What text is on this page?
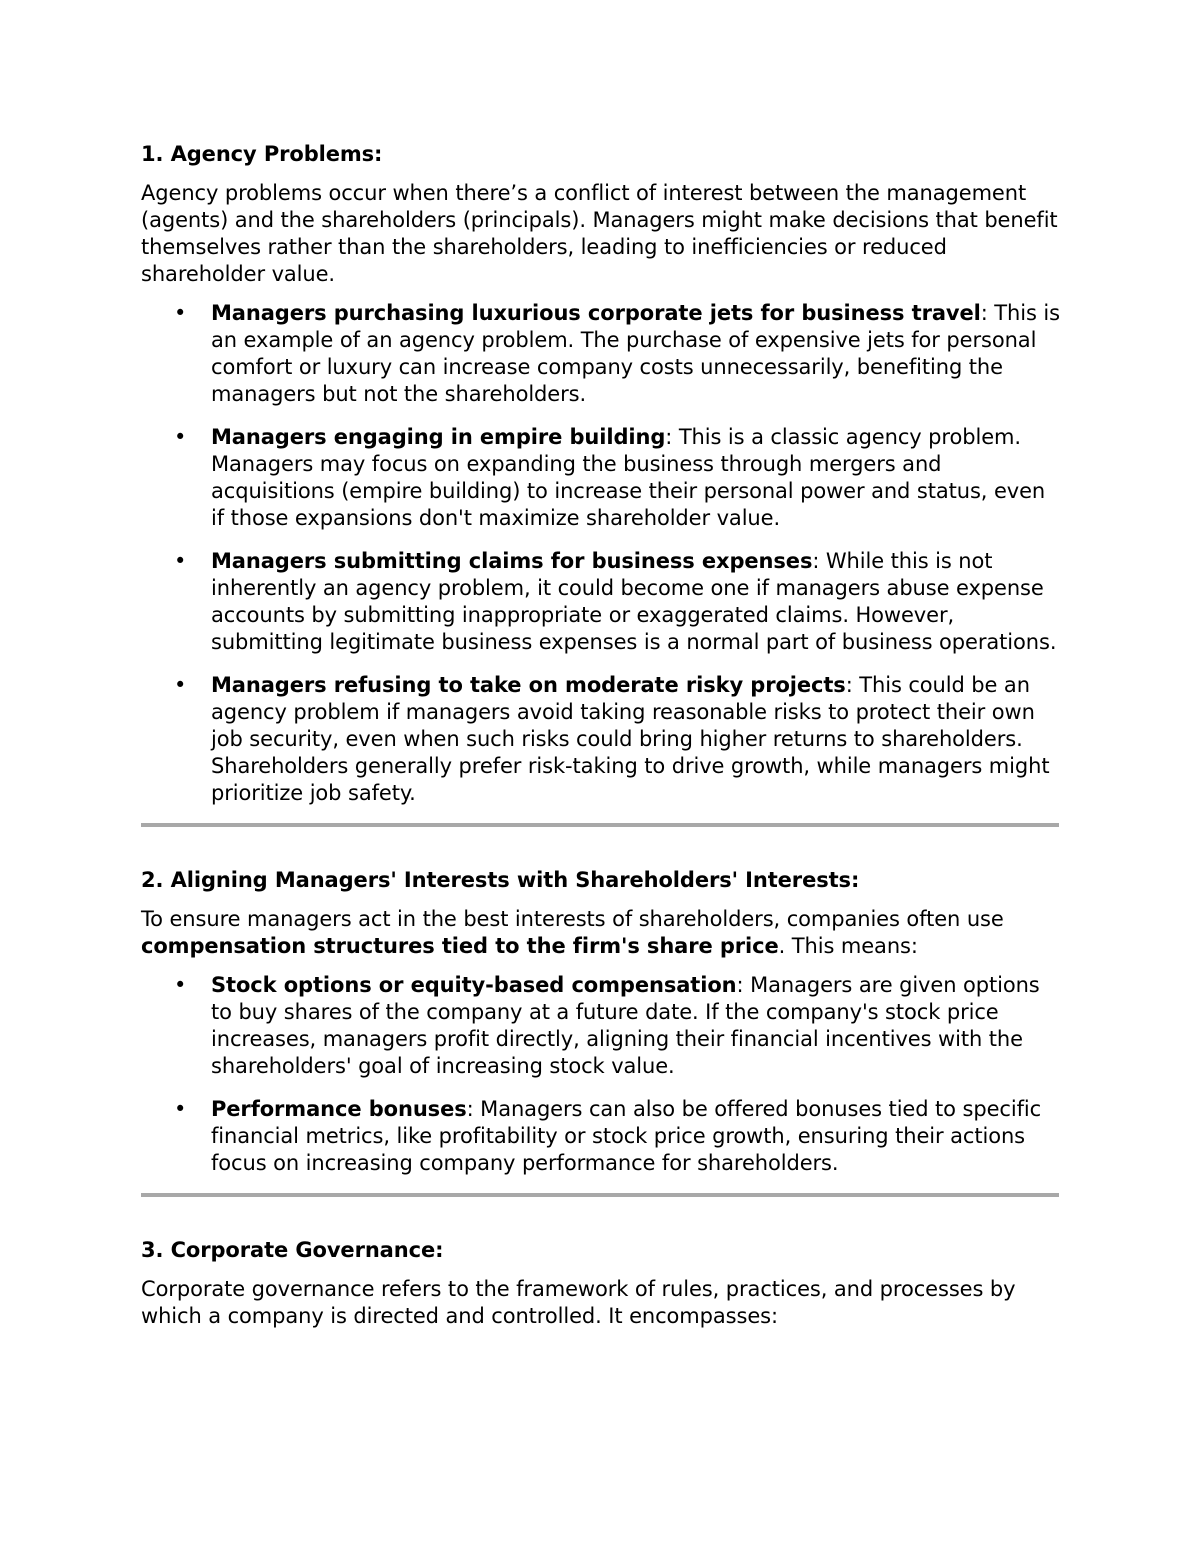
1. Agency Problems:

Agency problems occur when there’s a conflict of interest between the management (agents) and the shareholders (principals). Managers might make decisions that benefit themselves rather than the shareholders, leading to inefficiencies or reduced shareholder value.

• Managers purchasing luxurious corporate jets for business travel: This is an example of an agency problem. The purchase of expensive jets for personal comfort or luxury can increase company costs unnecessarily, benefiting the managers but not the shareholders.
• Managers engaging in empire building: This is a classic agency problem. Managers may focus on expanding the business through mergers and acquisitions (empire building) to increase their personal power and status, even if those expansions don't maximize shareholder value.
• Managers submitting claims for business expenses: While this is not inherently an agency problem, it could become one if managers abuse expense accounts by submitting inappropriate or exaggerated claims. However, submitting legitimate business expenses is a normal part of business operations.
• Managers refusing to take on moderate risky projects: This could be an agency problem if managers avoid taking reasonable risks to protect their own job security, even when such risks could bring higher returns to shareholders. Shareholders generally prefer risk-taking to drive growth, while managers might prioritize job safety.
2. Aligning Managers' Interests with Shareholders' Interests:

To ensure managers act in the best interests of shareholders, companies often use compensation structures tied to the firm's share price. This means:

• Stock options or equity-based compensation: Managers are given options to buy shares of the company at a future date. If the company's stock price increases, managers profit directly, aligning their financial incentives with the shareholders' goal of increasing stock value.
• Performance bonuses: Managers can also be offered bonuses tied to specific financial metrics, like profitability or stock price growth, ensuring their actions focus on increasing company performance for shareholders.
3. Corporate Governance:

Corporate governance refers to the framework of rules, practices, and processes by which a company is directed and controlled. It encompasses:
